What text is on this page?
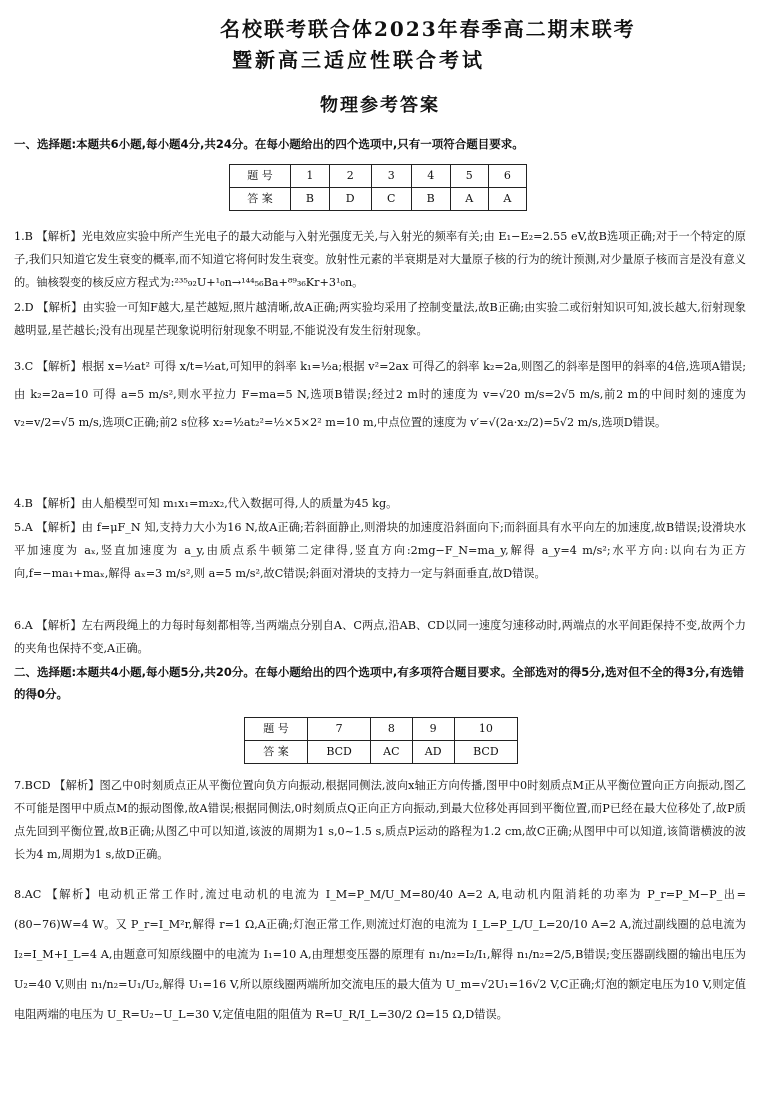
名校联考联合体2023年春季高二期末联考
暨新高三适应性联合考试
物理参考答案
一、选择题:本题共6小题,每小题4分,共24分。在每小题给出的四个选项中,只有一项符合题目要求。
题 号	1	2	3	4	5	6
答 案	B	D	C	B	A	A
1.B 【解析】光电效应实验中所产生光电子的最大动能与入射光强度无关,与入射光的频率有关;由 E₁−E₂=2.55 eV,故B选项正确;对于一个特定的原子,我们只知道它发生衰变的概率,而不知道它将何时发生衰变。放射性元素的半衰期是对大量原子核的行为的统计预测,对少量原子核而言是没有意义的。铀核裂变的核反应方程式为:²³⁵₉₂U+¹₀n→¹⁴⁴₅₆Ba+⁸⁹₃₆Kr+3¹₀n。
2.D 【解析】由实验一可知F越大,星芒越短,照片越清晰,故A正确;两实验均采用了控制变量法,故B正确;由实验二或衍射知识可知,波长越大,衍射现象越明显,星芒越长;没有出现星芒现象说明衍射现象不明显,不能说没有发生衍射现象。
3.C 【解析】根据 x=½at² 可得 x/t=½at,可知甲的斜率 k₁=½a;根据 v²=2ax 可得乙的斜率 k₂=2a,则图乙的斜率是图甲的斜率的4倍,选项A错误;由 k₂=2a=10 可得 a=5 m/s²,则水平拉力 F=ma=5 N,选项B错误;经过2 m时的速度为 v=√20 m/s=2√5 m/s,前2 m的中间时刻的速度为 v₂=v/2=√5 m/s,选项C正确;前2 s位移 x₂=½at₂²=½×5×2² m=10 m,中点位置的速度为 v′=√(2a·x₂/2)=5√2 m/s,选项D错误。
4.B 【解析】由人船模型可知 m₁x₁=m₂x₂,代入数据可得,人的质量为45 kg。
5.A 【解析】由 f=μF_N 知,支持力大小为16 N,故A正确;若斜面静止,则滑块的加速度沿斜面向下;而斜面具有水平向左的加速度,故B错误;设滑块水平加速度为 aₓ,竖直加速度为 a_y,由质点系牛顿第二定律得,竖直方向:2mg−F_N=ma_y,解得 a_y=4 m/s²;水平方向:以向右为正方向,f=−ma₁+maₓ,解得 aₓ=3 m/s²,则 a=5 m/s²,故C错误;斜面对滑块的支持力一定与斜面垂直,故D错误。
6.A 【解析】左右两段绳上的力每时每刻都相等,当两端点分别自A、C两点,沿AB、CD以同一速度匀速移动时,两端点的水平间距保持不变,故两个力的夹角也保持不变,A正确。
二、选择题:本题共4小题,每小题5分,共20分。在每小题给出的四个选项中,有多项符合题目要求。全部选对的得5分,选对但不全的得3分,有选错的得0分。
题 号	7	8	9	10
答 案	BCD	AC	AD	BCD
7.BCD 【解析】图乙中0时刻质点正从平衡位置向负方向振动,根据同侧法,波向x轴正方向传播,图甲中0时刻质点M正从平衡位置向正方向振动,图乙不可能是图甲中质点M的振动图像,故A错误;根据同侧法,0时刻质点Q正向正方向振动,到最大位移处再回到平衡位置,而P已经在最大位移处了,故P质点先回到平衡位置,故B正确;从图乙中可以知道,该波的周期为1 s,0~1.5 s,质点P运动的路程为1.2 cm,故C正确;从图甲中可以知道,该简谐横波的波长为4 m,周期为1 s,故D正确。
8.AC 【解析】电动机正常工作时,流过电动机的电流为 I_M=P_M/U_M=80/40 A=2 A,电动机内阻消耗的功率为 P_r=P_M−P_出=(80−76)W=4 W。又 P_r=I_M²r,解得 r=1 Ω,A正确;灯泡正常工作,则流过灯泡的电流为 I_L=P_L/U_L=20/10 A=2 A,流过副线圈的总电流为 I₂=I_M+I_L=4 A,由题意可知原线圈中的电流为 I₁=10 A,由理想变压器的原理有 n₁/n₂=I₂/I₁,解得 n₁/n₂=2/5,B错误;变压器副线圈的输出电压为 U₂=40 V,则由 n₁/n₂=U₁/U₂,解得 U₁=16 V,所以原线圈两端所加交流电压的最大值为 U_m=√2U₁=16√2 V,C正确;灯泡的额定电压为10 V,则定值电阻两端的电压为 U_R=U₂−U_L=30 V,定值电阻的阻值为 R=U_R/I_L=30/2 Ω=15 Ω,D错误。
